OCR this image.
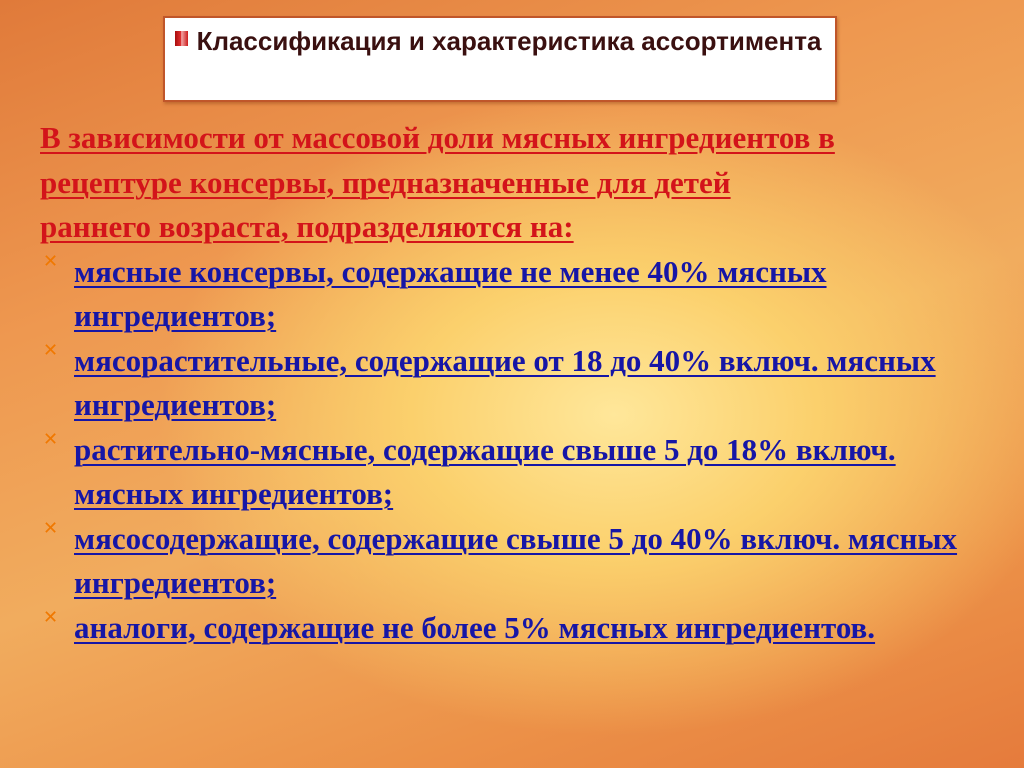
Классификация и характеристика ассортимента

В зависимости от массовой доли мясных ингредиентов в рецептуре консервы, предназначенные для детей раннего возраста, подразделяются на:

✕ мясные консервы, содержащие не менее 40% мясных ингредиентов;
✕ мясорастительные, содержащие от 18 до 40% включ. мясных ингредиентов;
✕ растительно-мясные, содержащие свыше 5 до 18% включ. мясных ингредиентов;
✕ мясосодержащие, содержащие свыше 5 до 40% включ. мясных ингредиентов;
✕ аналоги, содержащие не более 5% мясных ингредиентов.
